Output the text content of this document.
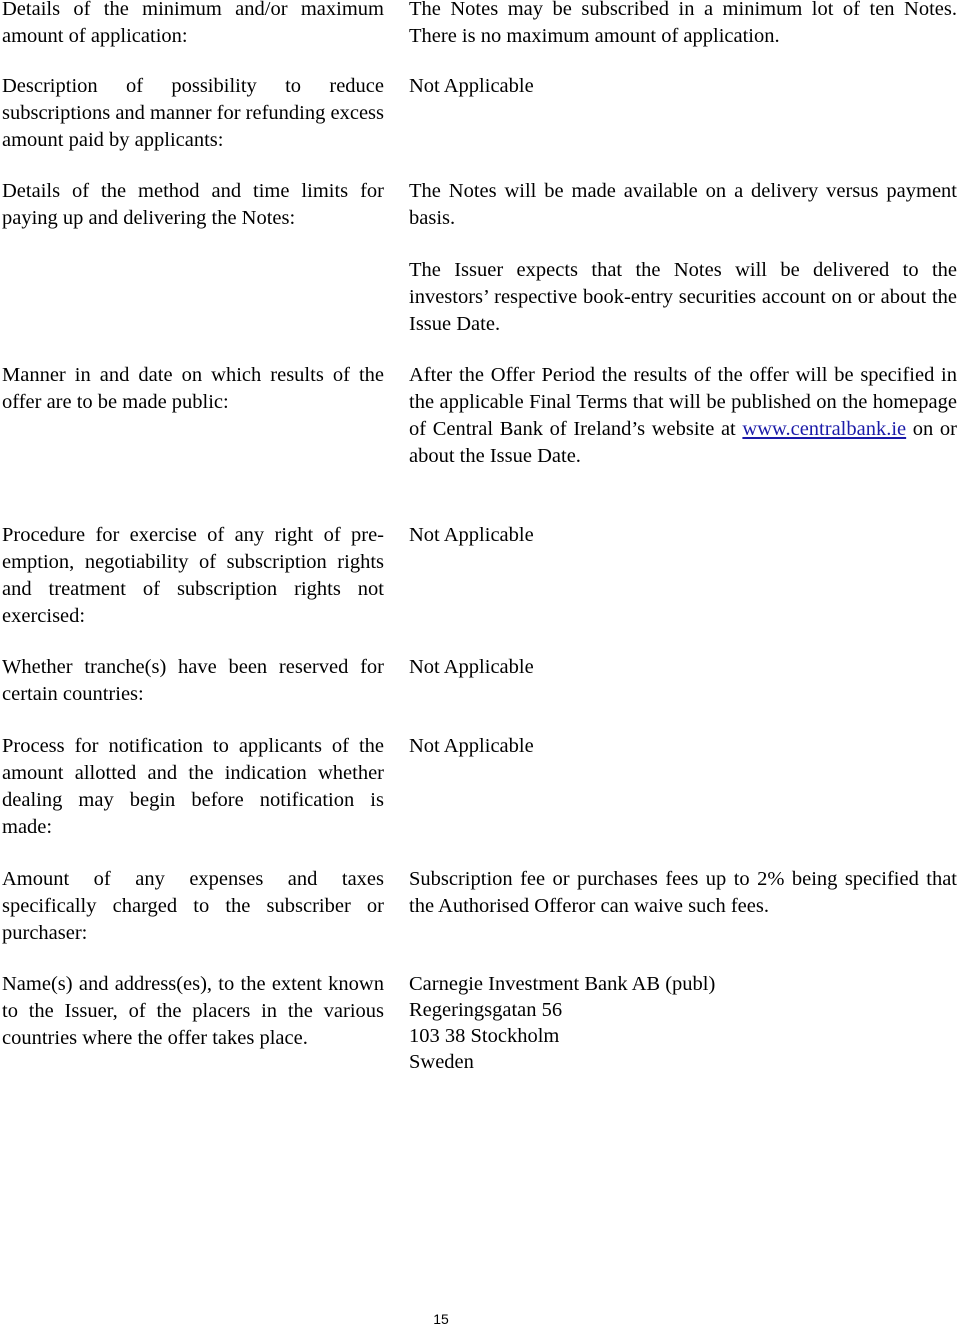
Details of the minimum and/or maximum amount of application:
The Notes may be subscribed in a minimum lot of ten Notes. There is no maximum amount of application.
Description of possibility to reduce subscriptions and manner for refunding excess amount paid by applicants:
Not Applicable
Details of the method and time limits for paying up and delivering the Notes:

The Notes will be made available on a delivery versus payment basis.

The Issuer expects that the Notes will be delivered to the investors’ respective book-entry securities account on or about the Issue Date.

Manner in and date on which results of the offer are to be made public:
After the Offer Period the results of the offer will be specified in the applicable Final Terms that will be published on the homepage of Central Bank of Ireland’s website at www.centralbank.ie on or about the Issue Date.
Procedure for exercise of any right of pre-emption, negotiability of subscription rights and treatment of subscription rights not exercised:
Not Applicable
Whether tranche(s) have been reserved for certain countries:
Not Applicable
Process for notification to applicants of the amount allotted and the indication whether dealing may begin before notification is made:
Not Applicable
Amount of any expenses and taxes specifically charged to the subscriber or purchaser:
Subscription fee or purchases fees up to 2% being specified that the Authorised Offeror can waive such fees.
Name(s) and address(es), to the extent known to the Issuer, of the placers in the various countries where the offer takes place.
Carnegie Investment Bank AB (publ)
Regeringsgatan 56
103 38 Stockholm
Sweden
15
